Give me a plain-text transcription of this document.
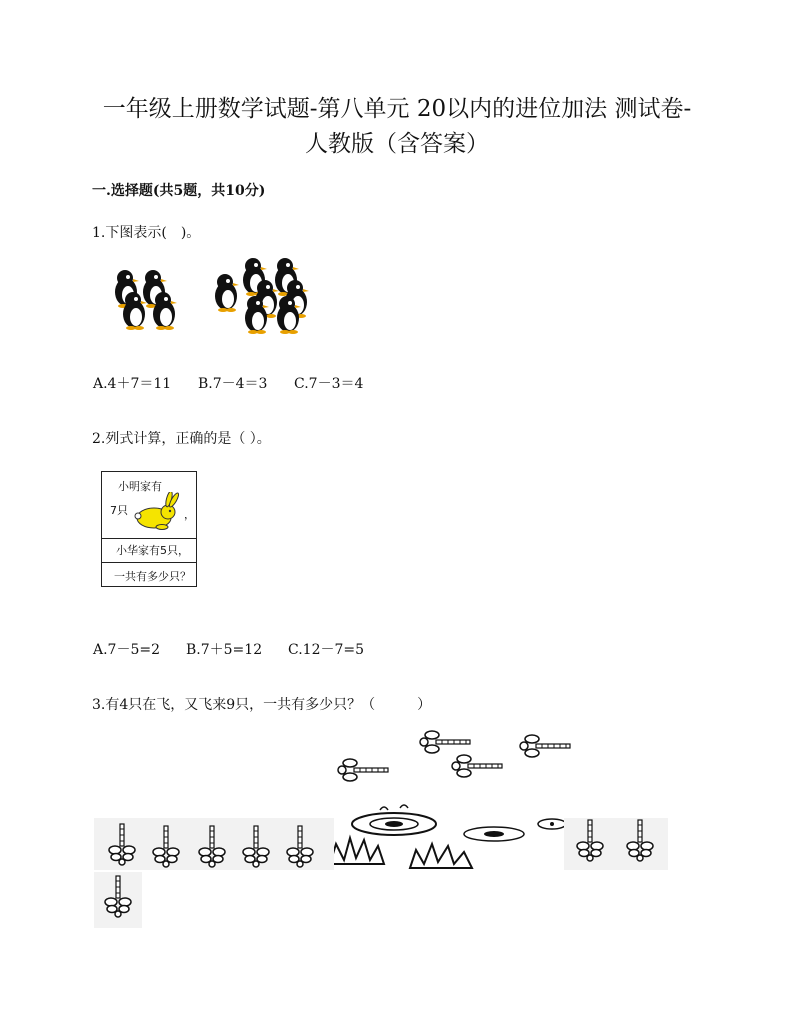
一年级上册数学试题-第八单元 20以内的进位加法 测试卷-
人教版（含答案）
一.选择题(共5题，共10分)
1.下图表示(　)。
A.4＋7＝11 B.7－4＝3 C.7－3＝4
2.列式计算，正确的是（ ）。
小明家有
7只	，
小华家有5只，
一共有多少只？
A.7－5=2 B.7＋5=12 C.12－7=5
3.有4只在飞，又飞来9只，一共有多少只？（　　　）
